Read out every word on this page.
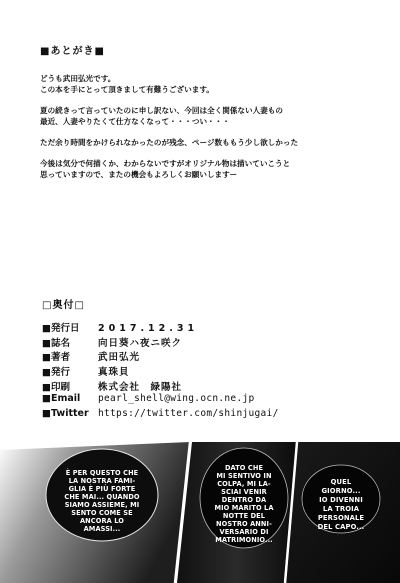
■あとがき■
どうも武田弘光です。
この本を手にとって頂きまして有難うございます。
夏の続きって言っていたのに申し訳ない、今回は全く関係ない人妻もの
最近、人妻やりたくて仕方なくなって・・・つい・・・
ただ余り時間をかけられなかったのが残念、ページ数ももう少し欲しかった
今後は気分で何描くか、わからないですがオリジナル物は描いていこうと
思っていますので、またの機会もよろしくお願いしますー
□奥付□
■発行日	2017.12.31
■誌名	向日葵ハ夜ニ咲ク
■著者	武田弘光
■発行	真珠貝
■印刷	株式会社　緑陽社
■Email	pearl_shell@wing.ocn.ne.jp
■Twitter https://twitter.com/shinjugai/
È PER QUESTO CHE
LA NOSTRA FAMI-
GLIA È PIÙ FORTE
CHE MAI... QUANDO
SIAMO ASSIEME, MI
SENTO COME SE
ANCORA LO
AMASSI...
DATO CHE
MI SENTIVO IN
COLPA, MI LA-
SCIAI VENIR
DENTRO DA
MIO MARITO LA
NOTTE DEL
NOSTRO ANNI-
VERSARIO DI
MATRIMONIO...
QUEL
GIORNO...
IO DIVENNI
LA TROIA
PERSONALE
DEL CAPO...
